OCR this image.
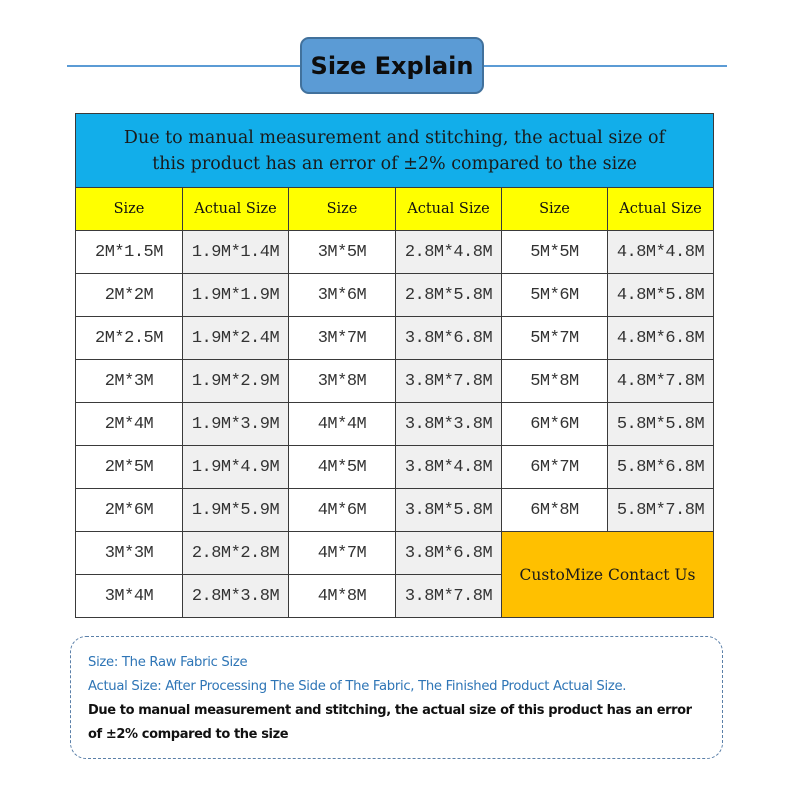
Size Explain
Due to manual measurement and stitching, the actual size of
this product has an error of ±2% compared to the size					

Size	Actual Size	Size	Actual Size	Size	Actual Size
2M*1.5M	1.9M*1.4M	3M*5M	2.8M*4.8M	5M*5M	4.8M*4.8M
2M*2M	1.9M*1.9M	3M*6M	2.8M*5.8M	5M*6M	4.8M*5.8M
2M*2.5M	1.9M*2.4M	3M*7M	3.8M*6.8M	5M*7M	4.8M*6.8M
2M*3M	1.9M*2.9M	3M*8M	3.8M*7.8M	5M*8M	4.8M*7.8M
2M*4M	1.9M*3.9M	4M*4M	3.8M*3.8M	6M*6M	5.8M*5.8M
2M*5M	1.9M*4.9M	4M*5M	3.8M*4.8M	6M*7M	5.8M*6.8M
2M*6M	1.9M*5.9M	4M*6M	3.8M*5.8M	6M*8M	5.8M*7.8M
3M*3M	2.8M*2.8M	4M*7M	3.8M*6.8M	CustoMize Contact Us	
3M*4M	2.8M*3.8M	4M*8M	3.8M*7.8M		
Size: The Raw Fabric Size
Actual Size: After Processing The Side of The Fabric, The Finished Product Actual Size.
Due to manual measurement and stitching, the actual size of this product has an error
of ±2% compared to the size
